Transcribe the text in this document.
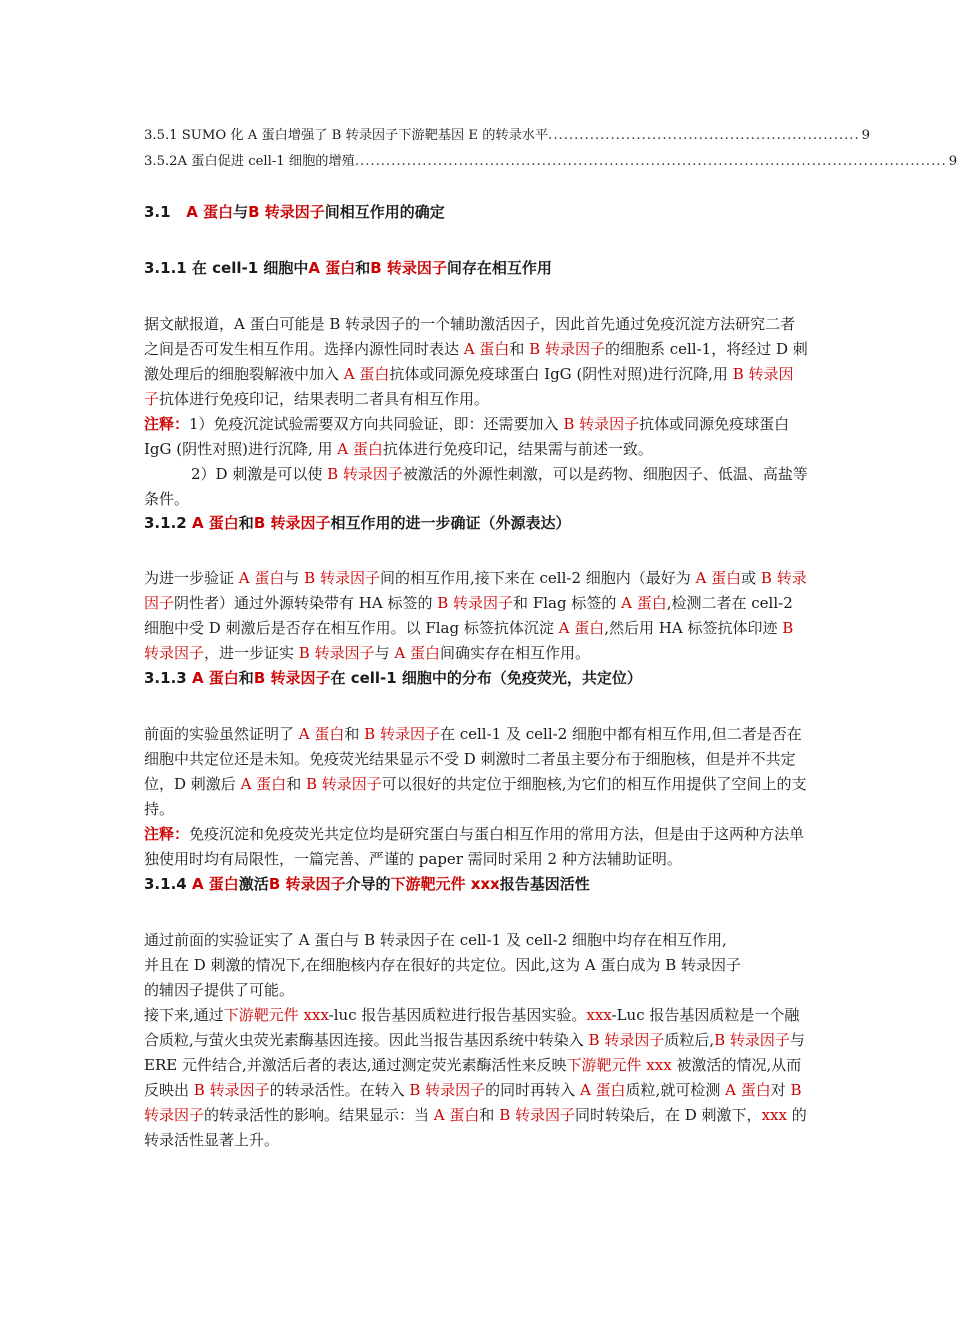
3.5.1 SUMO 化 A 蛋白增强了 B 转录因子下游靶基因 E 的转录水平 ............................................................ 9
3.5.2A 蛋白促进 cell-1 细胞的增殖 .................................................................................................................. 9
3.1 A 蛋白与B 转录因子间相互作用的确定
3.1.1 在 cell-1 细胞中A 蛋白和B 转录因子间存在相互作用

据文献报道，A 蛋白可能是 B 转录因子的一个辅助激活因子，因此首先通过免疫沉淀方法研究二者之间是否可发生相互作用。选择内源性同时表达 A 蛋白和 B 转录因子的细胞系 cell-1，将经过 D 刺激处理后的细胞裂解液中加入 A 蛋白抗体或同源免疫球蛋白 IgG (阴性对照)进行沉降,用 B 转录因子抗体进行免疫印记，结果表明二者具有相互作用。

注释：1）免疫沉淀试验需要双方向共同验证，即：还需要加入 B 转录因子抗体或同源免疫球蛋白 IgG (阴性对照)进行沉降, 用 A 蛋白抗体进行免疫印记，结果需与前述一致。

2）D 刺激是可以使 B 转录因子被激活的外源性刺激，可以是药物、细胞因子、低温、高盐等条件。

3.1.2 A 蛋白和B 转录因子相互作用的进一步确证（外源表达）

为进一步验证 A 蛋白与 B 转录因子间的相互作用,接下来在 cell-2 细胞内（最好为 A 蛋白或 B 转录因子阴性者）通过外源转染带有 HA 标签的 B 转录因子和 Flag 标签的 A 蛋白,检测二者在 cell-2 细胞中受 D 刺激后是否存在相互作用。以 Flag 标签抗体沉淀 A 蛋白,然后用 HA 标签抗体印迹 B 转录因子，进一步证实 B 转录因子与 A 蛋白间确实存在相互作用。

3.1.3 A 蛋白和B 转录因子在 cell-1 细胞中的分布（免疫荧光，共定位）

前面的实验虽然证明了 A 蛋白和 B 转录因子在 cell-1 及 cell-2 细胞中都有相互作用,但二者是否在细胞中共定位还是未知。免疫荧光结果显示不受 D 刺激时二者虽主要分布于细胞核，但是并不共定位，D 刺激后 A 蛋白和 B 转录因子可以很好的共定位于细胞核,为它们的相互作用提供了空间上的支持。

注释：免疫沉淀和免疫荧光共定位均是研究蛋白与蛋白相互作用的常用方法，但是由于这两种方法单独使用时均有局限性，一篇完善、严谨的 paper 需同时采用 2 种方法辅助证明。

3.1.4 A 蛋白激活B 转录因子介导的下游靶元件 xxx报告基因活性

通过前面的实验证实了 A 蛋白与 B 转录因子在 cell-1 及 cell-2 细胞中均存在相互作用,

并且在 D 刺激的情况下,在细胞核内存在很好的共定位。因此,这为 A 蛋白成为 B 转录因子

的辅因子提供了可能。

接下来,通过下游靶元件 xxx-luc 报告基因质粒进行报告基因实验。xxx-Luc 报告基因质粒是一个融合质粒,与萤火虫荧光素酶基因连接。因此当报告基因系统中转染入 B 转录因子质粒后,B 转录因子与 ERE 元件结合,并激活后者的表达,通过测定荧光素酶活性来反映下游靶元件 xxx 被激活的情况,从而反映出 B 转录因子的转录活性。在转入 B 转录因子的同时再转入 A 蛋白质粒,就可检测 A 蛋白对 B 转录因子的转录活性的影响。结果显示：当 A 蛋白和 B 转录因子同时转染后，在 D 刺激下，xxx 的转录活性显著上升。
